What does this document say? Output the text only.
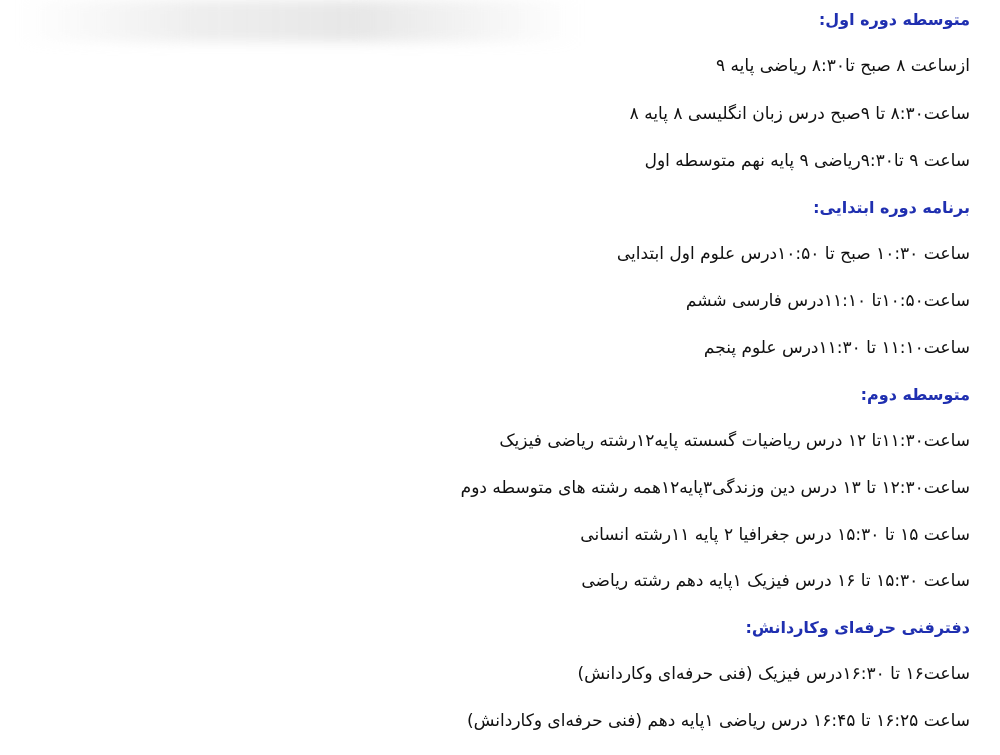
متوسطه دوره اول:
ازساعت ۸ صبح تا۸:۳۰ ریاضی پایه ۹
ساعت۸:۳۰ تا ۹صبح درس زبان انگلیسی ۸ پایه ۸
ساعت ۹ تا۹:۳۰ریاضی ۹ پایه نهم متوسطه اول
برنامه دوره ابتدایی:
ساعت ۱۰:۳۰ صبح تا ۱۰:۵۰درس علوم اول ابتدایی
ساعت۱۰:۵۰تا ۱۱:۱۰درس فارسی ششم
ساعت۱۱:۱۰ تا ۱۱:۳۰درس علوم پنجم
متوسطه دوم:
ساعت۱۱:۳۰تا ۱۲ درس ریاضیات گسسته پایه۱۲رشته ریاضی فیزیک
ساعت۱۲:۳۰ تا ۱۳ درس دین وزندگی۳پایه۱۲همه رشته های متوسطه دوم
ساعت ۱۵ تا ۱۵:۳۰ درس جغرافیا ۲ پایه ۱۱رشته انسانی
ساعت ۱۵:۳۰ تا ۱۶ درس فیزیک ۱پایه دهم رشته ریاضی
دفترفنی حرفه‌ای وکاردانش:
ساعت۱۶ تا ۱۶:۳۰درس فیزیک (فنی حرفه‌ای وکاردانش)
ساعت ۱۶:۲۵ تا ۱۶:۴۵ درس ریاضی ۱پایه دهم (فنی حرفه‌ای وکاردانش)
